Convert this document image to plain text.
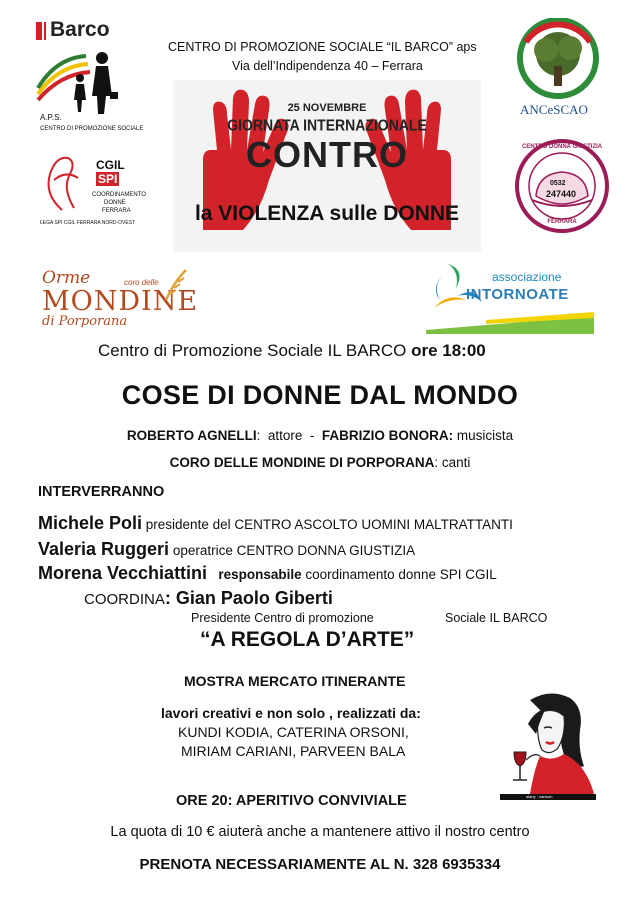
CENTRO DI PROMOZIONE SOCIALE “IL BARCO” aps
Via dell’Indipendenza 40 – Ferrara
Barco
A.P.S.
CENTRO DI PROMOZIONE SOCIALE
ANCeSCAO
25 NOVEMBRE
GIORNATA INTERNAZIONALE
CONTRO
la VIOLENZA sulle DONNE
CGIL
SPI
COORDINAMENTO
DONNE
FERRARA
LEGA SPI CGIL FERRARA NORD-OVEST
CENTRO DONNA GIUSTIZIA
0532
247440
FERRARA
Orme	coro delle
MONDINE
di Porporana
associazione
INTORNOATE
Centro di Promozione Sociale IL BARCO ore 18:00
COSE DI DONNE DAL MONDO
ROBERTO AGNELLI:  attore  -  FABRIZIO BONORA: musicista
CORO DELLE MONDINE DI PORPORANA: canti
INTERVERRANNO
Michele Poli presidente del CENTRO ASCOLTO UOMINI MALTRATTANTI
Valeria Ruggeri operatrice CENTRO DONNA GIUSTIZIA
Morena Vecchiattini   responsabile coordinamento donne SPI CGIL
COORDINA: Gian Paolo Giberti
Presidente Centro di promozione	Sociale IL BARCO
“A REGOLA D’ARTE”
MOSTRA MERCATO ITINERANTE
lavori creativi e non solo , realizzati da:
KUNDI KODIA, CATERINA ORSONI,
MIRIAM CARIANI, PARVEEN BALA
alany · cartoon
ORE 20: APERITIVO CONVIVIALE
La quota di 10 € aiuterà anche a mantenere attivo il nostro centro
PRENOTA NECESSARIAMENTE AL N. 328 6935334
